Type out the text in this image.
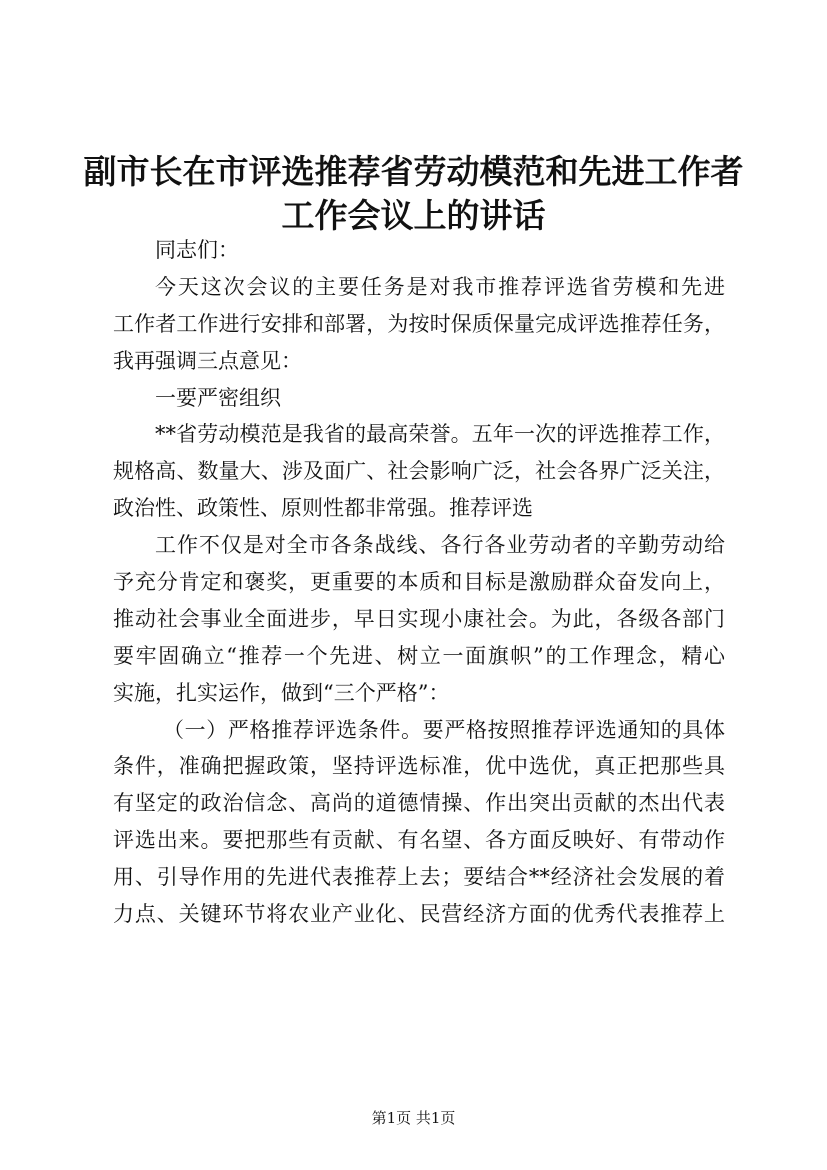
副市长在市评选推荐省劳动模范和先进工作者
工作会议上的讲话
同志们：
今天这次会议的主要任务是对我市推荐评选省劳模和先进
工作者工作进行安排和部署，为按时保质保量完成评选推荐任务，
我再强调三点意见：
一要严密组织
**省劳动模范是我省的最高荣誉。五年一次的评选推荐工作，
规格高、数量大、涉及面广、社会影响广泛，社会各界广泛关注，
政治性、政策性、原则性都非常强。推荐评选
工作不仅是对全市各条战线、各行各业劳动者的辛勤劳动给
予充分肯定和褒奖，更重要的本质和目标是激励群众奋发向上，
推动社会事业全面进步，早日实现小康社会。为此，各级各部门
要牢固确立“推荐一个先进、树立一面旗帜”的工作理念，精心
实施，扎实运作，做到“三个严格”：
（一）严格推荐评选条件。要严格按照推荐评选通知的具体
条件，准确把握政策，坚持评选标准，优中选优，真正把那些具
有坚定的政治信念、高尚的道德情操、作出突出贡献的杰出代表
评选出来。要把那些有贡献、有名望、各方面反映好、有带动作
用、引导作用的先进代表推荐上去；要结合**经济社会发展的着
力点、关键环节将农业产业化、民营经济方面的优秀代表推荐上
第1页 共1页
